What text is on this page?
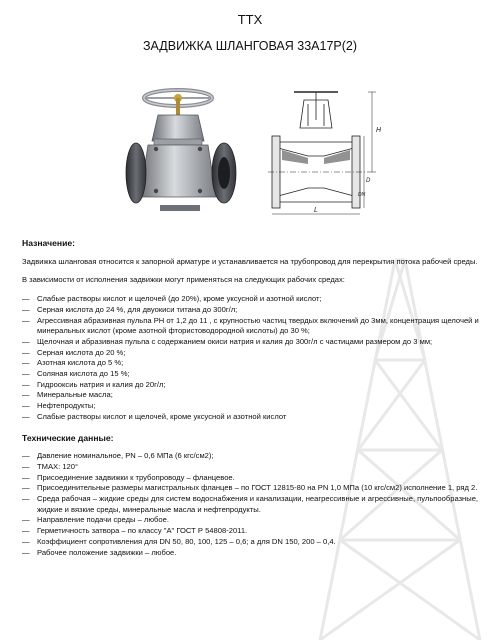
ТТХ
ЗАДВИЖКА ШЛАНГОВАЯ 33А17Р(2)
H
L
D
DN
Назначение:
Задвижка шланговая относится к запорной арматуре и устанавливается на трубопровод для перекрытия потока рабочей среды.
В зависимости от исполнения задвижки могут применяться на следующих рабочих средах:
— Слабые растворы кислот и щелочей (до 20%), кроме уксусной и азотной кислот;
— Серная кислота до 24 %, для двуокиси титана до 300г/л;
— Агрессивная абразивная пульпа PH от 1,2 до 11 , с крупностью частиц твердых включений до 3мм, концентрация щелочей и минеральных кислот (кроме азотной фтористоводородной кислоты) до 30 %;
— Щелочная и абразивная пульпа с содержанием окиси натрия и калия до 300г/л с частицами размером до 3 мм;
— Серная кислота до 20 %;
— Азотная кислота до 5 %;
— Соляная кислота до 15 %;
— Гидрооксиь натрия и калия до 20г/л;
— Минеральные масла;
— Нефтепродукты;
— Слабые растворы кислот и щелочей, кроме уксусной и азотной кислот
Технические данные:
— Давление номинальное, PN – 0,6 МПа (6 кгс/см2);
— TMAX: 120°
— Присоединение задвижки к трубопроводу – фланцевое.
— Присоединительные размеры магистральных фланцев – по ГОСТ 12815-80 на PN 1,0 МПа (10 кгс/см2) исполнение 1, ряд 2.
— Среда рабочая – жидкие среды для систем водоснабжения и канализации, неагрессивные и агрессивные, пульпообразные, жидкие и вязкие среды, минеральные масла и нефтепродукты.
— Направление подачи среды – любое.
— Герметичность затвора – по классу "А" ГОСТ Р 54808-2011.
— Коэффициент сопротивления для DN 50, 80, 100, 125 – 0,6; а для DN 150, 200 – 0,4.
— Рабочее положение задвижки – любое.
